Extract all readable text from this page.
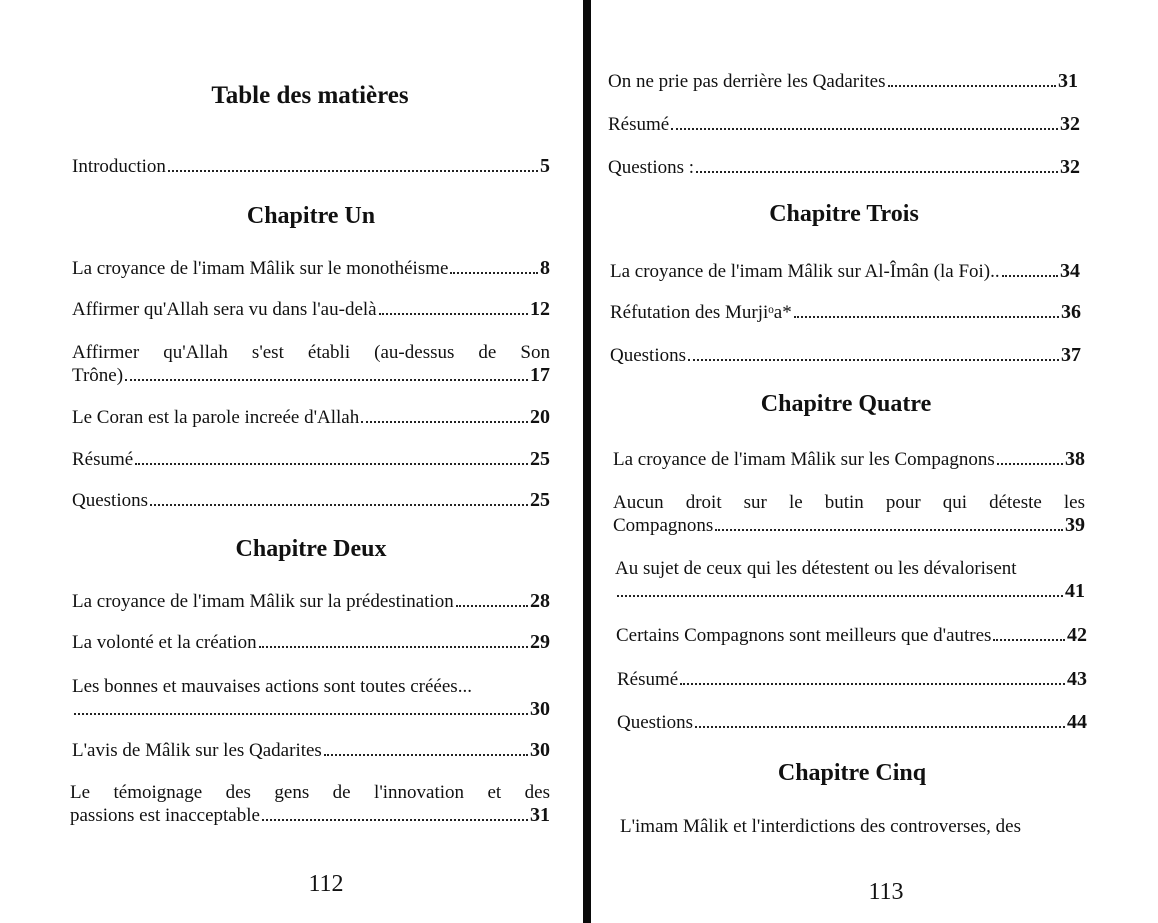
Table des matières
Introduction	5
Chapitre Un
La croyance de l'imam Mâlik sur le monothéisme	8
Affirmer qu'Allah sera vu dans l'au-delà	12
Affirmer qu'Allah s'est établi (au-dessus de Son
Trône)	17
Le Coran est la parole increée d'Allah	20
Résumé	25
Questions	25
Chapitre Deux
La croyance de l'imam Mâlik sur la prédestination	28
La volonté et la création	29
Les bonnes et mauvaises actions sont toutes créées...
30
L'avis de Mâlik sur les Qadarites	30
Le témoignage des gens de l'innovation et des
passions est inacceptable	31
112
On ne prie pas derrière les Qadarites	31
Résumé	32
Questions :	32
Chapitre Trois
La croyance de l'imam Mâlik sur Al-Îmân (la Foi)..	34
Réfutation des Murjiᵒa*	36
Questions	37
Chapitre Quatre
La croyance de l'imam Mâlik sur les Compagnons	38
Aucun droit sur le butin pour qui déteste les
Compagnons	39
Au sujet de ceux qui les détestent ou les dévalorisent
41
Certains Compagnons sont meilleurs que d'autres	42
Résumé	43
Questions	44
Chapitre Cinq
L'imam Mâlik et l'interdictions des controverses, des
113
